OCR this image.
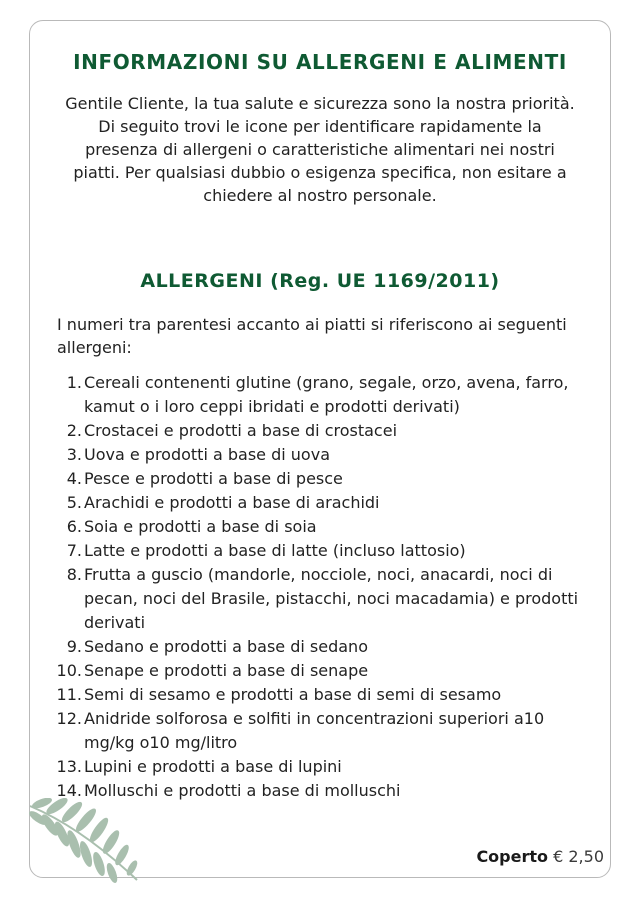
INFORMAZIONI SU ALLERGENI E ALIMENTI
Gentile Cliente, la tua salute e sicurezza sono la nostra priorità. Di seguito trovi le icone per identificare rapidamente la presenza di allergeni o caratteristiche alimentari nei nostri piatti. Per qualsiasi dubbio o esigenza specifica, non esitare a chiedere al nostro personale.
ALLERGENI (Reg. UE 1169/2011)
I numeri tra parentesi accanto ai piatti si riferiscono ai seguenti allergeni:
1. Cereali contenenti glutine (grano, segale, orzo, avena, farro, kamut o i loro ceppi ibridati e prodotti derivati)
2. Crostacei e prodotti a base di crostacei
3. Uova e prodotti a base di uova
4. Pesce e prodotti a base di pesce
5. Arachidi e prodotti a base di arachidi
6. Soia e prodotti a base di soia
7. Latte e prodotti a base di latte (incluso lattosio)
8. Frutta a guscio (mandorle, nocciole, noci, anacardi, noci di pecan, noci del Brasile, pistacchi, noci macadamia) e prodotti derivati
9. Sedano e prodotti a base di sedano
10. Senape e prodotti a base di senape
11. Semi di sesamo e prodotti a base di semi di sesamo
12. Anidride solforosa e solfiti in concentrazioni superiori a10 mg/kg o10 mg/litro
13. Lupini e prodotti a base di lupini
14. Molluschi e prodotti a base di molluschi
Coperto € 2,50
